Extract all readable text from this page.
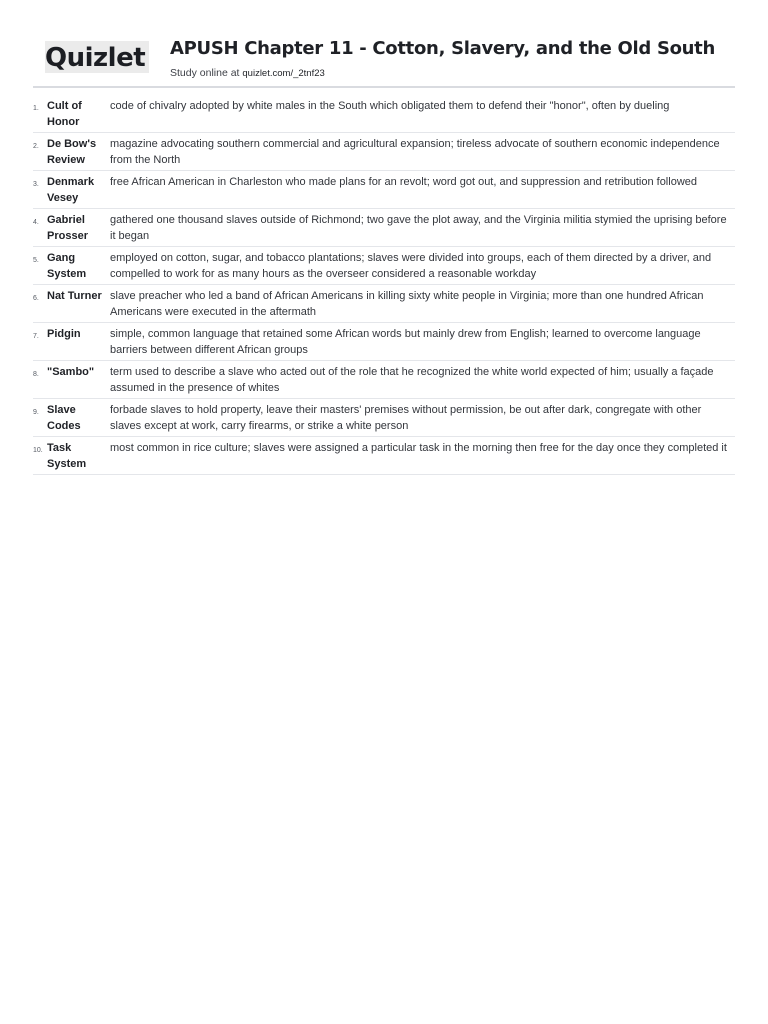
Quizlet APUSH Chapter 11 - Cotton, Slavery, and the Old South
Study online at quizlet.com/_2tnf23
1. Cult of Honor
code of chivalry adopted by white males in the South which obligated them to defend their "honor", often by dueling
2. De Bow's Review
magazine advocating southern commercial and agricultural expansion; tireless advocate of southern economic independence from the North
3. Denmark Vesey
free African American in Charleston who made plans for an revolt; word got out, and suppression and retribution followed
4. Gabriel Prosser
gathered one thousand slaves outside of Richmond; two gave the plot away, and the Virginia militia stymied the uprising before it began
5. Gang System
employed on cotton, sugar, and tobacco plantations; slaves were divided into groups, each of them directed by a driver, and compelled to work for as many hours as the overseer considered a reasonable workday
6. Nat Turner slave preacher who led a band of African Americans in killing sixty white people in Virginia; more than one hundred African Americans were executed in the aftermath
7. Pidgin	simple, common language that retained some African words but mainly drew from English; learned to overcome language barriers between different African groups
8. "Sambo"	term used to describe a slave who acted out of the role that he recognized the white world expected of him; usually a façade assumed in the presence of whites
9. Slave Codes
forbade slaves to hold property, leave their masters' premises without permission, be out after dark, congregate with other slaves except at work, carry firearms, or strike a white person
10. Task System
most common in rice culture; slaves were assigned a particular task in the morning then free for the day once they completed it
